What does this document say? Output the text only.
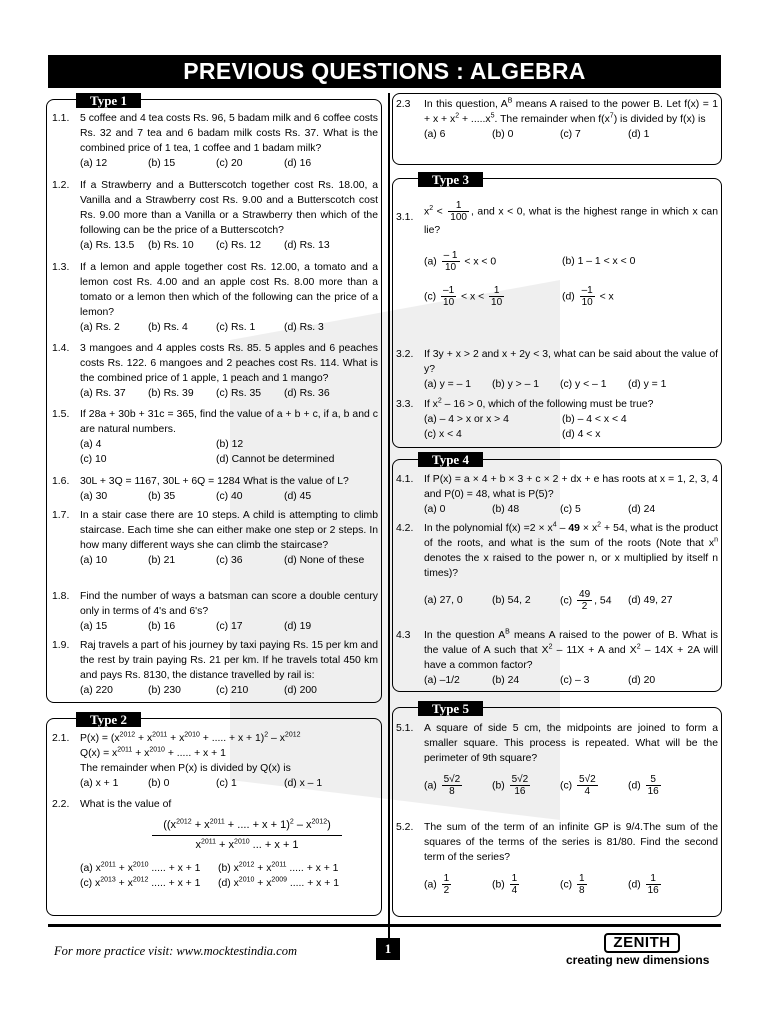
PREVIOUS QUESTIONS : ALGEBRA
Type 1
1.1. 5 coffee and 4 tea costs Rs. 96, 5 badam milk and 6 coffee costs Rs. 32 and 7 tea and 6 badam milk costs Rs. 37. What is the combined price of 1 tea, 1 coffee and 1 badam milk?
(a) 12	(b) 15	(c) 20	(d) 16
1.2. If a Strawberry and a Butterscotch together cost Rs. 18.00, a Vanilla and a Strawberry cost Rs. 9.00 and a Butterscotch cost Rs. 9.00 more than a Vanilla or a Strawberry then which of the following can be the price of a Butterscotch?
(a) Rs. 13.5	(b) Rs. 10	(c) Rs. 12	(d) Rs. 13
1.3. If a lemon and apple together cost Rs. 12.00, a tomato and a lemon cost Rs. 4.00 and an apple cost Rs. 8.00 more than a tomato or a lemon then which of the following can the price of a lemon?
(a) Rs. 2	(b) Rs. 4	(c) Rs. 1	(d) Rs. 3
1.4. 3 mangoes and 4 apples costs Rs. 85. 5 apples and 6 peaches costs Rs. 122. 6 mangoes and 2 peaches cost Rs. 114. What is the combined price of 1 apple, 1 peach and 1 mango?
(a) Rs. 37	(b) Rs. 39	(c) Rs. 35	(d) Rs. 36
1.5. If 28a + 30b + 31c = 365, find the value of a + b + c, if a, b and c are natural numbers.
(a) 4	(b) 12
(c) 10	(d) Cannot be determined
1.6. 30L + 3Q = 1167, 30L + 6Q = 1284 What is the value of L?
(a) 30	(b) 35	(c) 40	(d) 45
1.7. In a stair case there are 10 steps. A child is attempting to climb staircase. Each time she can either make one step or 2 steps. In how many different ways she can climb the staircase?
(a) 10	(b) 21	(c) 36	(d) None of these
1.8. Find the number of ways a batsman can score a double century only in terms of 4's and 6's?
(a) 15	(b) 16	(c) 17	(d) 19
1.9. Raj travels a part of his journey by taxi paying Rs. 15 per km and the rest by train paying Rs. 21 per km. If he travels total 450 km and pays Rs. 8130, the distance travelled by rail is:
(a) 220	(b) 230	(c) 210	(d) 200
Type 2
2.1. $P(x) = (x^{2012} + x^{2011} + x^{2010}$ + ..... + $x + 1)^2 - x^{2012}$
$Q(x) = x^{2011} + x^{2010}$ + ..... + x + 1
The remainder when P(x) is divided by Q(x) is
(a) x + 1	(b) 0	(c) 1	(d) x – 1
2.2. What is the value of
(($x^{2012} + x^{2011}$ + .... + $x + 1)^2 - x^{2012}$)
$x^{2011} + x^{2010}$ ... + x + 1
(a) $x^{2011} + x^{2010}$ ..... + x + 1	(b) $x^{2012} + x^{2011}$ ..... + x + 1
(c) $x^{2013} + x^{2012}$ ..... + x + 1	(d) $x^{2010} + x^{2009}$ ..... + x + 1
2.3 In this question, $A^B$ means A raised to the power B. Let $f(x) = 1 + x + x^2 + .....x^5$. The remainder when $f(x^7)$ is divided by f(x) is
(a) 6	(b) 0	(c) 7	(d) 1
Type 3
3.1.
$x^2 < \frac{1}{100}$ , and x < 0, what is the highest range in which x can lie?
$(a) \frac{- 1}{10} < x < 0$	(b) 1 – 1 < x < 0
$(c) \frac{-1}{10} < x < \frac{1}{10}$	$(d) \frac{-1}{10} < x$
3.2. If 3y + x > 2 and x + 2y < 3, what can be said about the value of y?
(a) y = – 1	(b) y > – 1	(c) y < – 1	(d) y = 1
3.3. If $x^2 - 16 > 0$, which of the following must be true?
(a) – 4 > x or x > 4	(b) – 4 < x < 4
(c) x < 4	(d) 4 < x
Type 4
4.1. If P(x) = a × 4 + b × 3 + c × 2 + dx + e has roots at x = 1, 2, 3, 4 and P(0) = 48, what is P(5)?
(a) 0	(b) 48	(c) 5	(d) 24
4.2. In the polynomial $f(x) =2 \times x^4 - 49 \times x^2 + 54$, what is the product of the roots, and what is the sum of the roots (Note that $x^n$ denotes the x raised to the power n, or x multiplied by itself n times)?
(a) 27, 0	(b) 54, 2	$(c) \frac{49}{2}$ , 54	(d) 49, 27
4.3 In the question $A^B$ means A raised to the power of B. What is the value of A such that $X^2 - 11X + A$ and $X^2 - 14X + 2A$ will have a common factor?
(a) –1/2	(b) 24	(c) – 3	(d) 20
Type 5
5.1. A square of side 5 cm, the midpoints are joined to form a smaller square. This process is repeated. What will be the perimeter of 9th square?
$(a) \frac{5√2}{8}$	$(b) \frac{5√2}{16}$	$(c) \frac{5√2}{4}$	$(d) \frac{5}{16}$
5.2. The sum of the term of an infinite GP is 9/4.The sum of the squares of the terms of the series is 81/80. Find the second term of the series?
$(a) \frac{1}{2}$	$(b) \frac{1}{4}$	$(c) \frac{1}{8}$	$(d) \frac{1}{16}$
For more practice visit: www.mocktestindia.com	1	ZENITH
creating new dimensions
